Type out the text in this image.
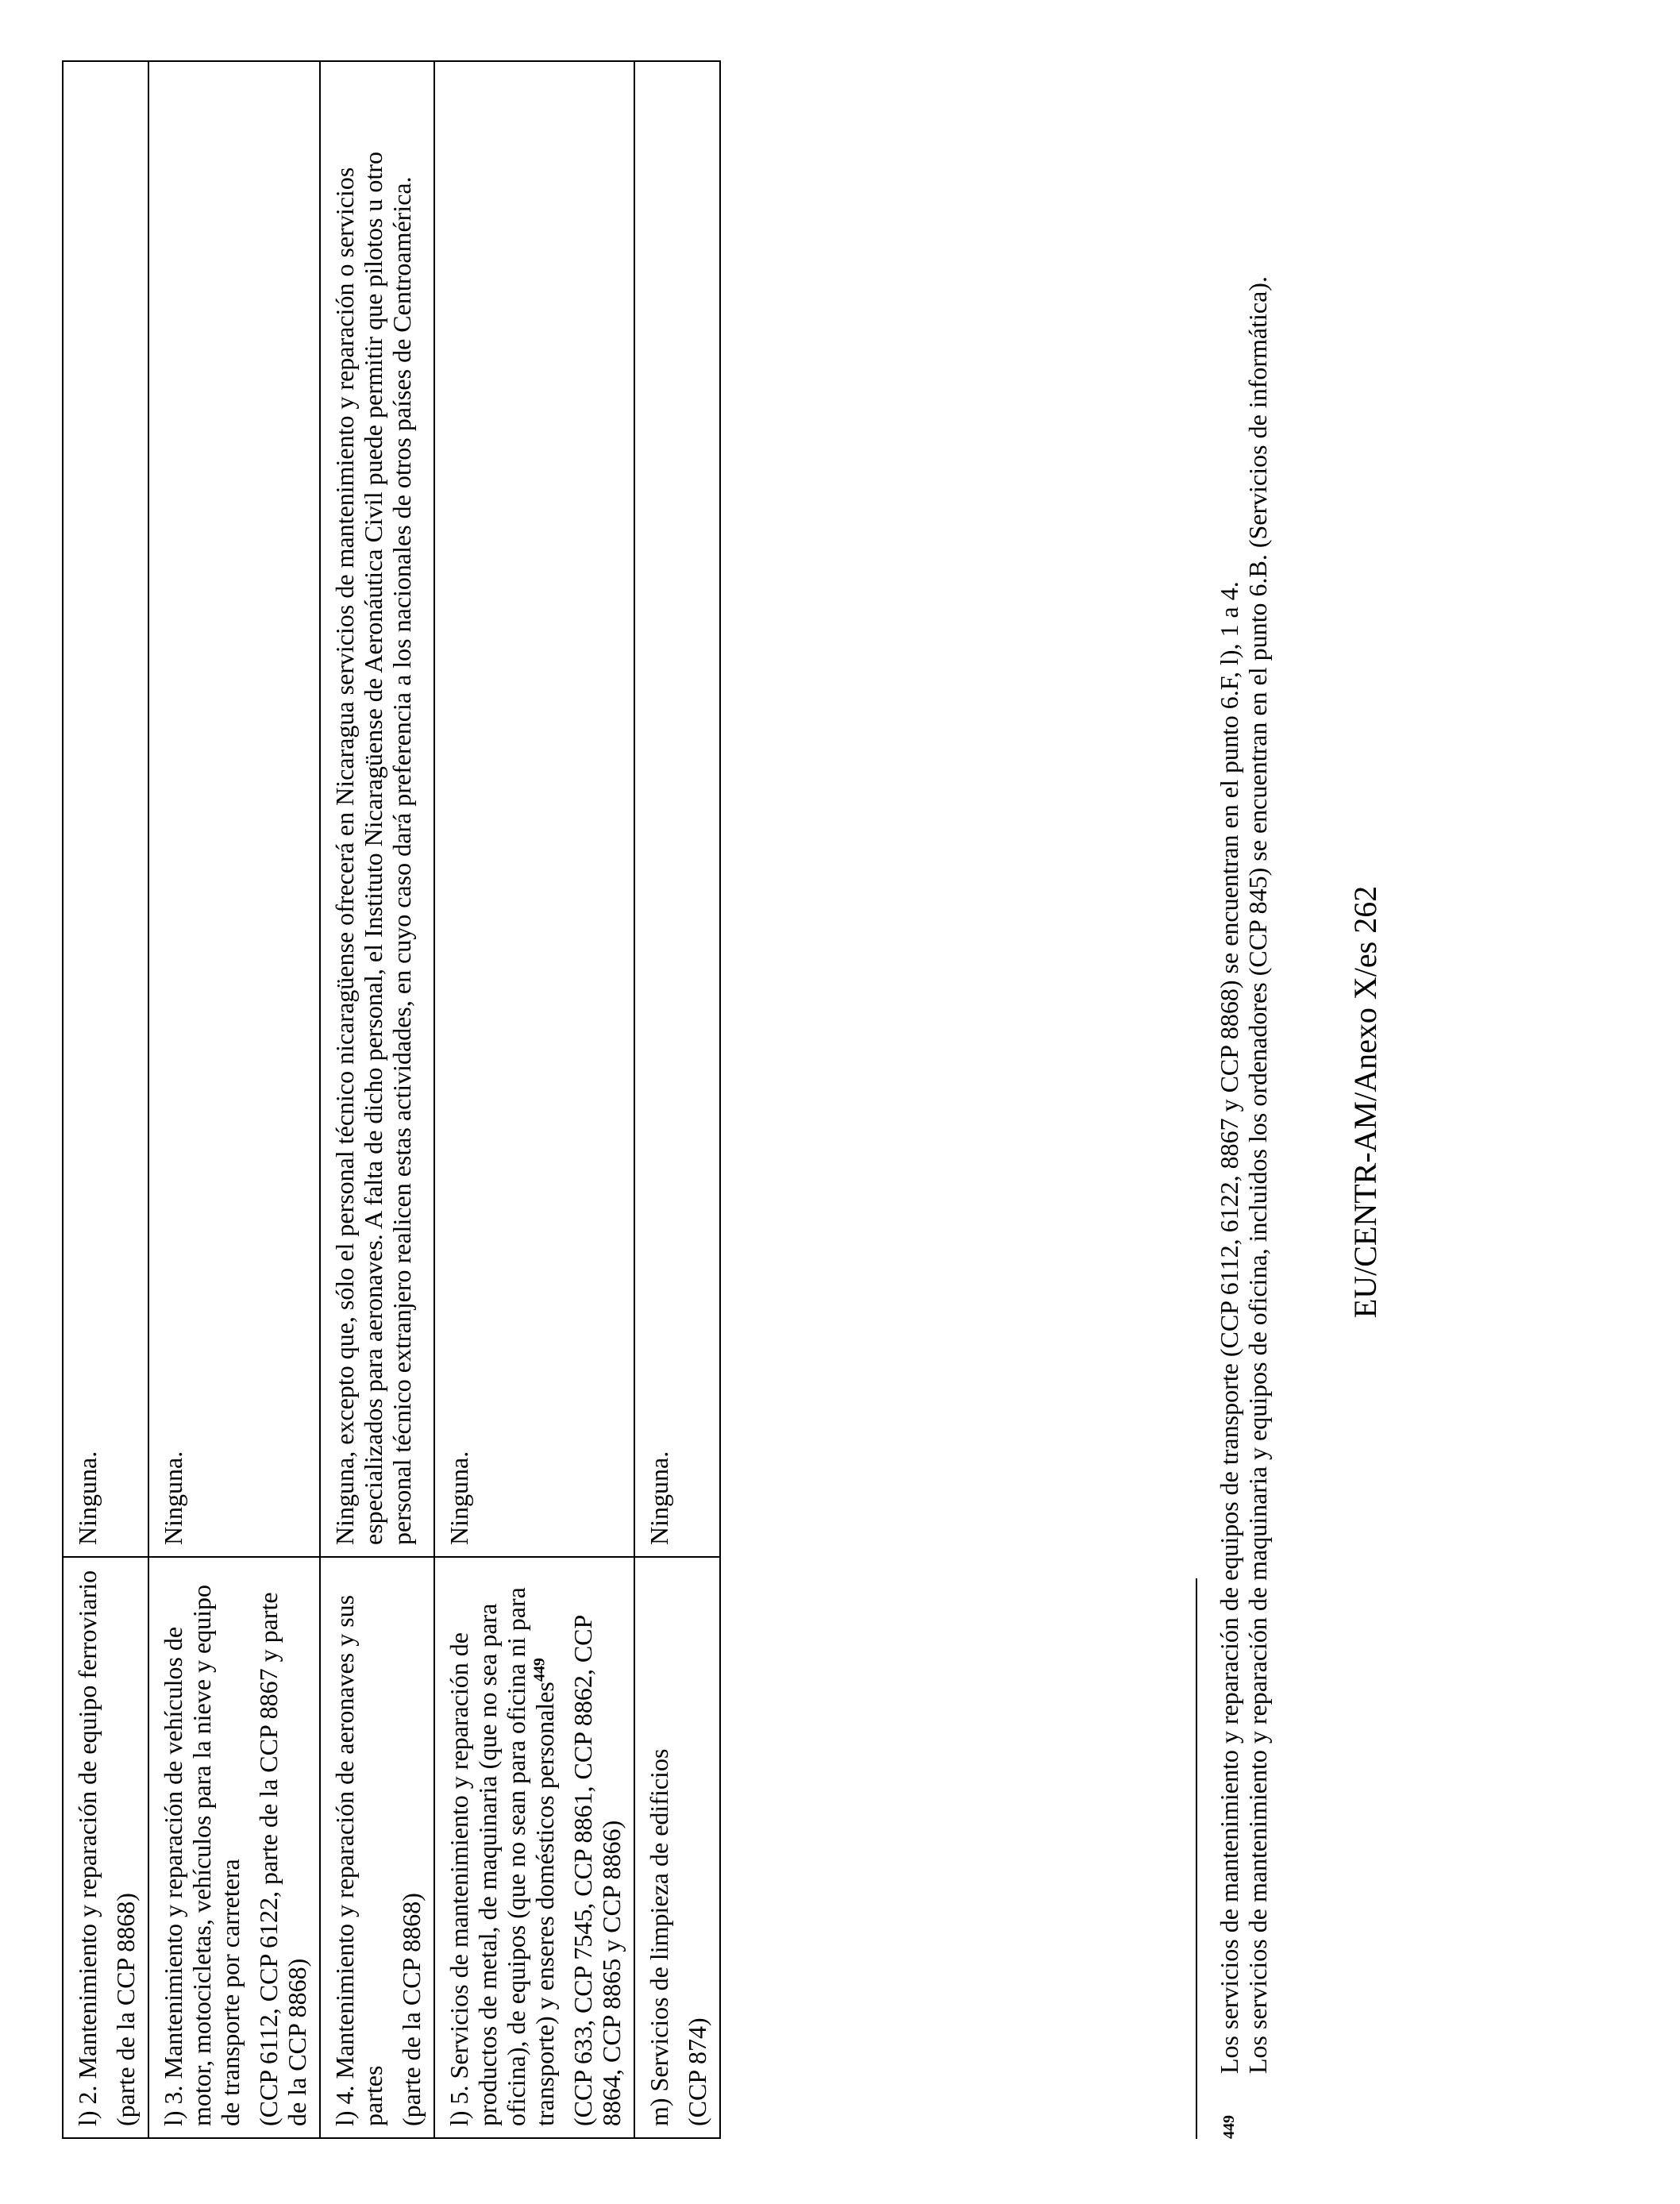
l) 2. Mantenimiento y reparación de equipo ferroviario (parte de la CCP 8868)	Ninguna.

l) 3. Mantenimiento y reparación de vehículos de motor, motocicletas, vehículos para la nieve y equipo de transporte por carretera (CCP 6112, CCP 6122, parte de la CCP 8867 y parte de la CCP 8868)	Ninguna.

l) 4. Mantenimiento y reparación de aeronaves y sus partes (parte de la CCP 8868)	Ninguna, excepto que, sólo el personal técnico nicaragüense ofrecerá en Nicaragua servicios de mantenimiento y reparación o servicios especializados para aeronaves. A falta de dicho personal, el Instituto Nicaragüense de Aeronáutica Civil puede permitir que pilotos u otro personal técnico extranjero realicen estas actividades, en cuyo caso dará preferencia a los nacionales de otros países de Centroamérica.

l) 5. Servicios de mantenimiento y reparación de productos de metal, de maquinaria (que no sea para oficina), de equipos (que no sean para oficina ni para transporte) y enseres domésticos personales$^{449}$ (CCP 633, CCP 7545, CCP 8861, CCP 8862, CCP 8864, CCP 8865 y CCP 8866)	Ninguna.

m) Servicios de limpieza de edificios (CCP 874)	Ninguna.

449
Los servicios de mantenimiento y reparación de equipos de transporte (CCP 6112, 6122, 8867 y CCP 8868) se encuentran en el punto 6.F, l), 1 a 4. Los servicios de mantenimiento y reparación de maquinaria y equipos de oficina, incluidos los ordenadores (CCP 845) se encuentran en el punto 6.B. (Servicios de informática). EU/CENTR-AM/Anexo X/es 262
